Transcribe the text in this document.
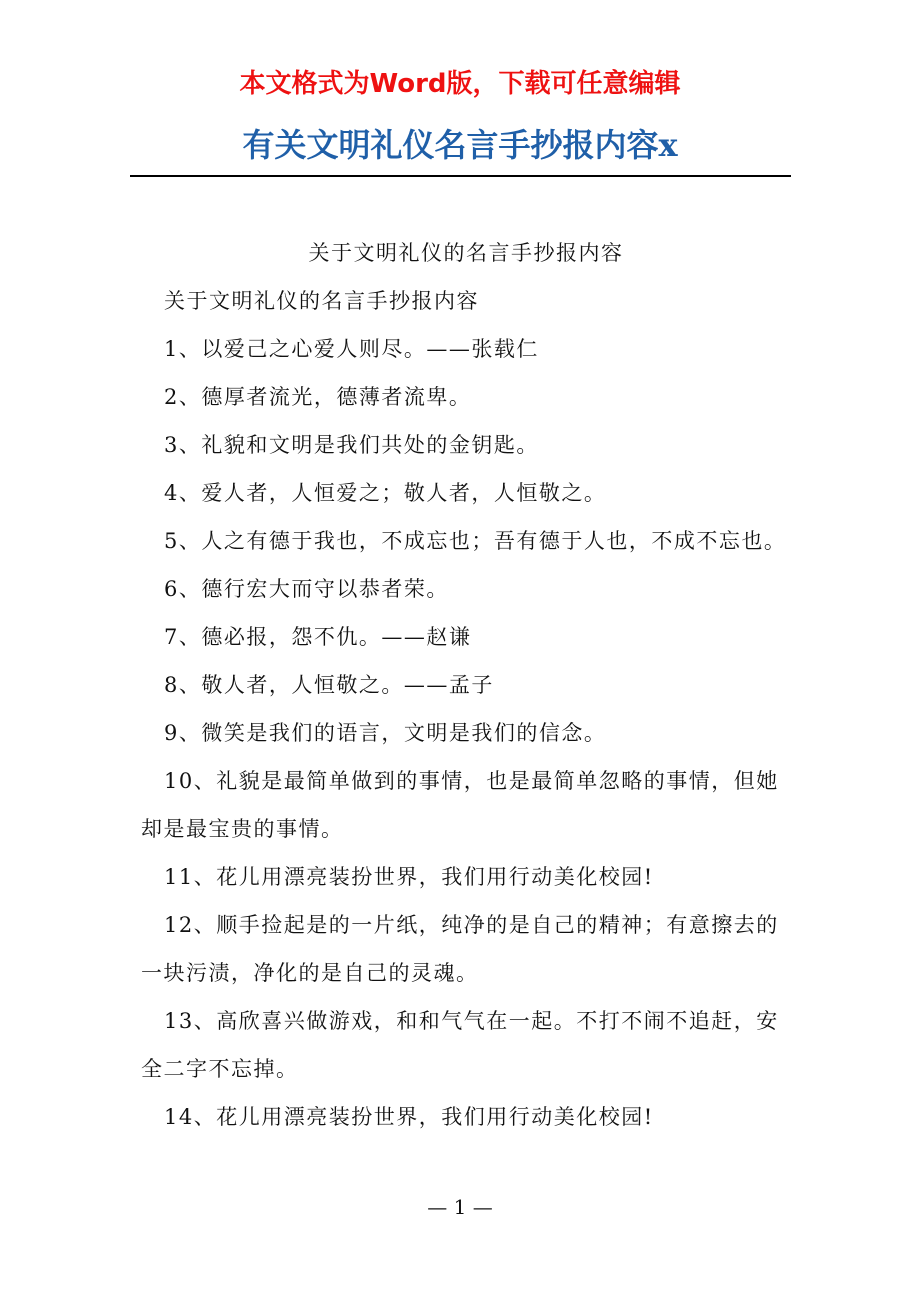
本文格式为Word版，下载可任意编辑
有关文明礼仪名言手抄报内容x

关于文明礼仪的名言手抄报内容

关于文明礼仪的名言手抄报内容

1、以爱己之心爱人则尽。——张载仁

2、德厚者流光，德薄者流卑。

3、礼貌和文明是我们共处的金钥匙。

4、爱人者，人恒爱之；敬人者，人恒敬之。

5、人之有德于我也，不成忘也；吾有德于人也，不成不忘也。

6、德行宏大而守以恭者荣。

7、德必报，怨不仇。——赵谦

8、敬人者，人恒敬之。——孟子

9、微笑是我们的语言，文明是我们的信念。

10、礼貌是最简单做到的事情，也是最简单忽略的事情，但她却是最宝贵的事情。

11、花儿用漂亮装扮世界，我们用行动美化校园!

12、顺手捡起是的一片纸，纯净的是自己的精神；有意擦去的一块污渍，净化的是自己的灵魂。

13、高欣喜兴做游戏，和和气气在一起。不打不闹不追赶，安全二字不忘掉。

14、花儿用漂亮装扮世界，我们用行动美化校园!

— 1 —
